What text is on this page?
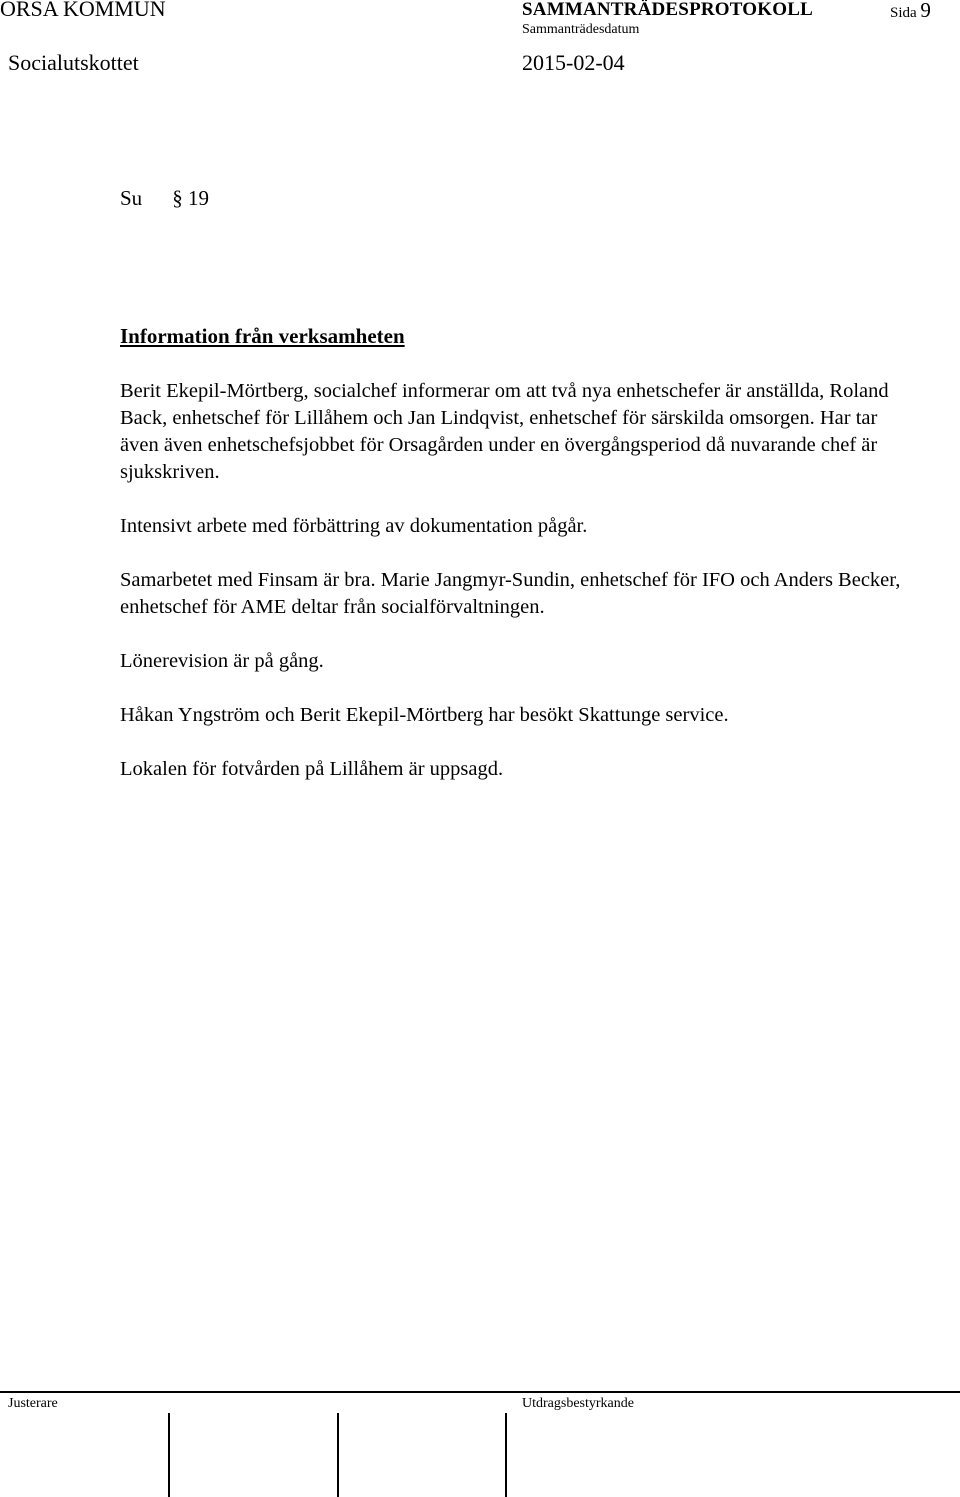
ORSA KOMMUN	SAMMANTRÄDESPROTOKOLL
Sammanträdesdatum
Sida 9
Socialutskottet	2015-02-04
Su § 19
Information från verksamheten

Berit Ekepil-Mörtberg, socialchef informerar om att två nya enhetschefer är anställda, Roland Back, enhetschef för Lillåhem och Jan Lindqvist, enhetschef för särskilda omsorgen. Har tar även även enhetschefsjobbet för Orsagården under en övergångsperiod då nuvarande chef är sjukskriven.

Intensivt arbete med förbättring av dokumentation pågår.

Samarbetet med Finsam är bra. Marie Jangmyr-Sundin, enhetschef för IFO och Anders Becker, enhetschef för AME deltar från socialförvaltningen.

Lönerevision är på gång.

Håkan Yngström och Berit Ekepil-Mörtberg har besökt Skattunge service.

Lokalen för fotvården på Lillåhem är uppsagd.

Justerare	Utdragsbestyrkande
